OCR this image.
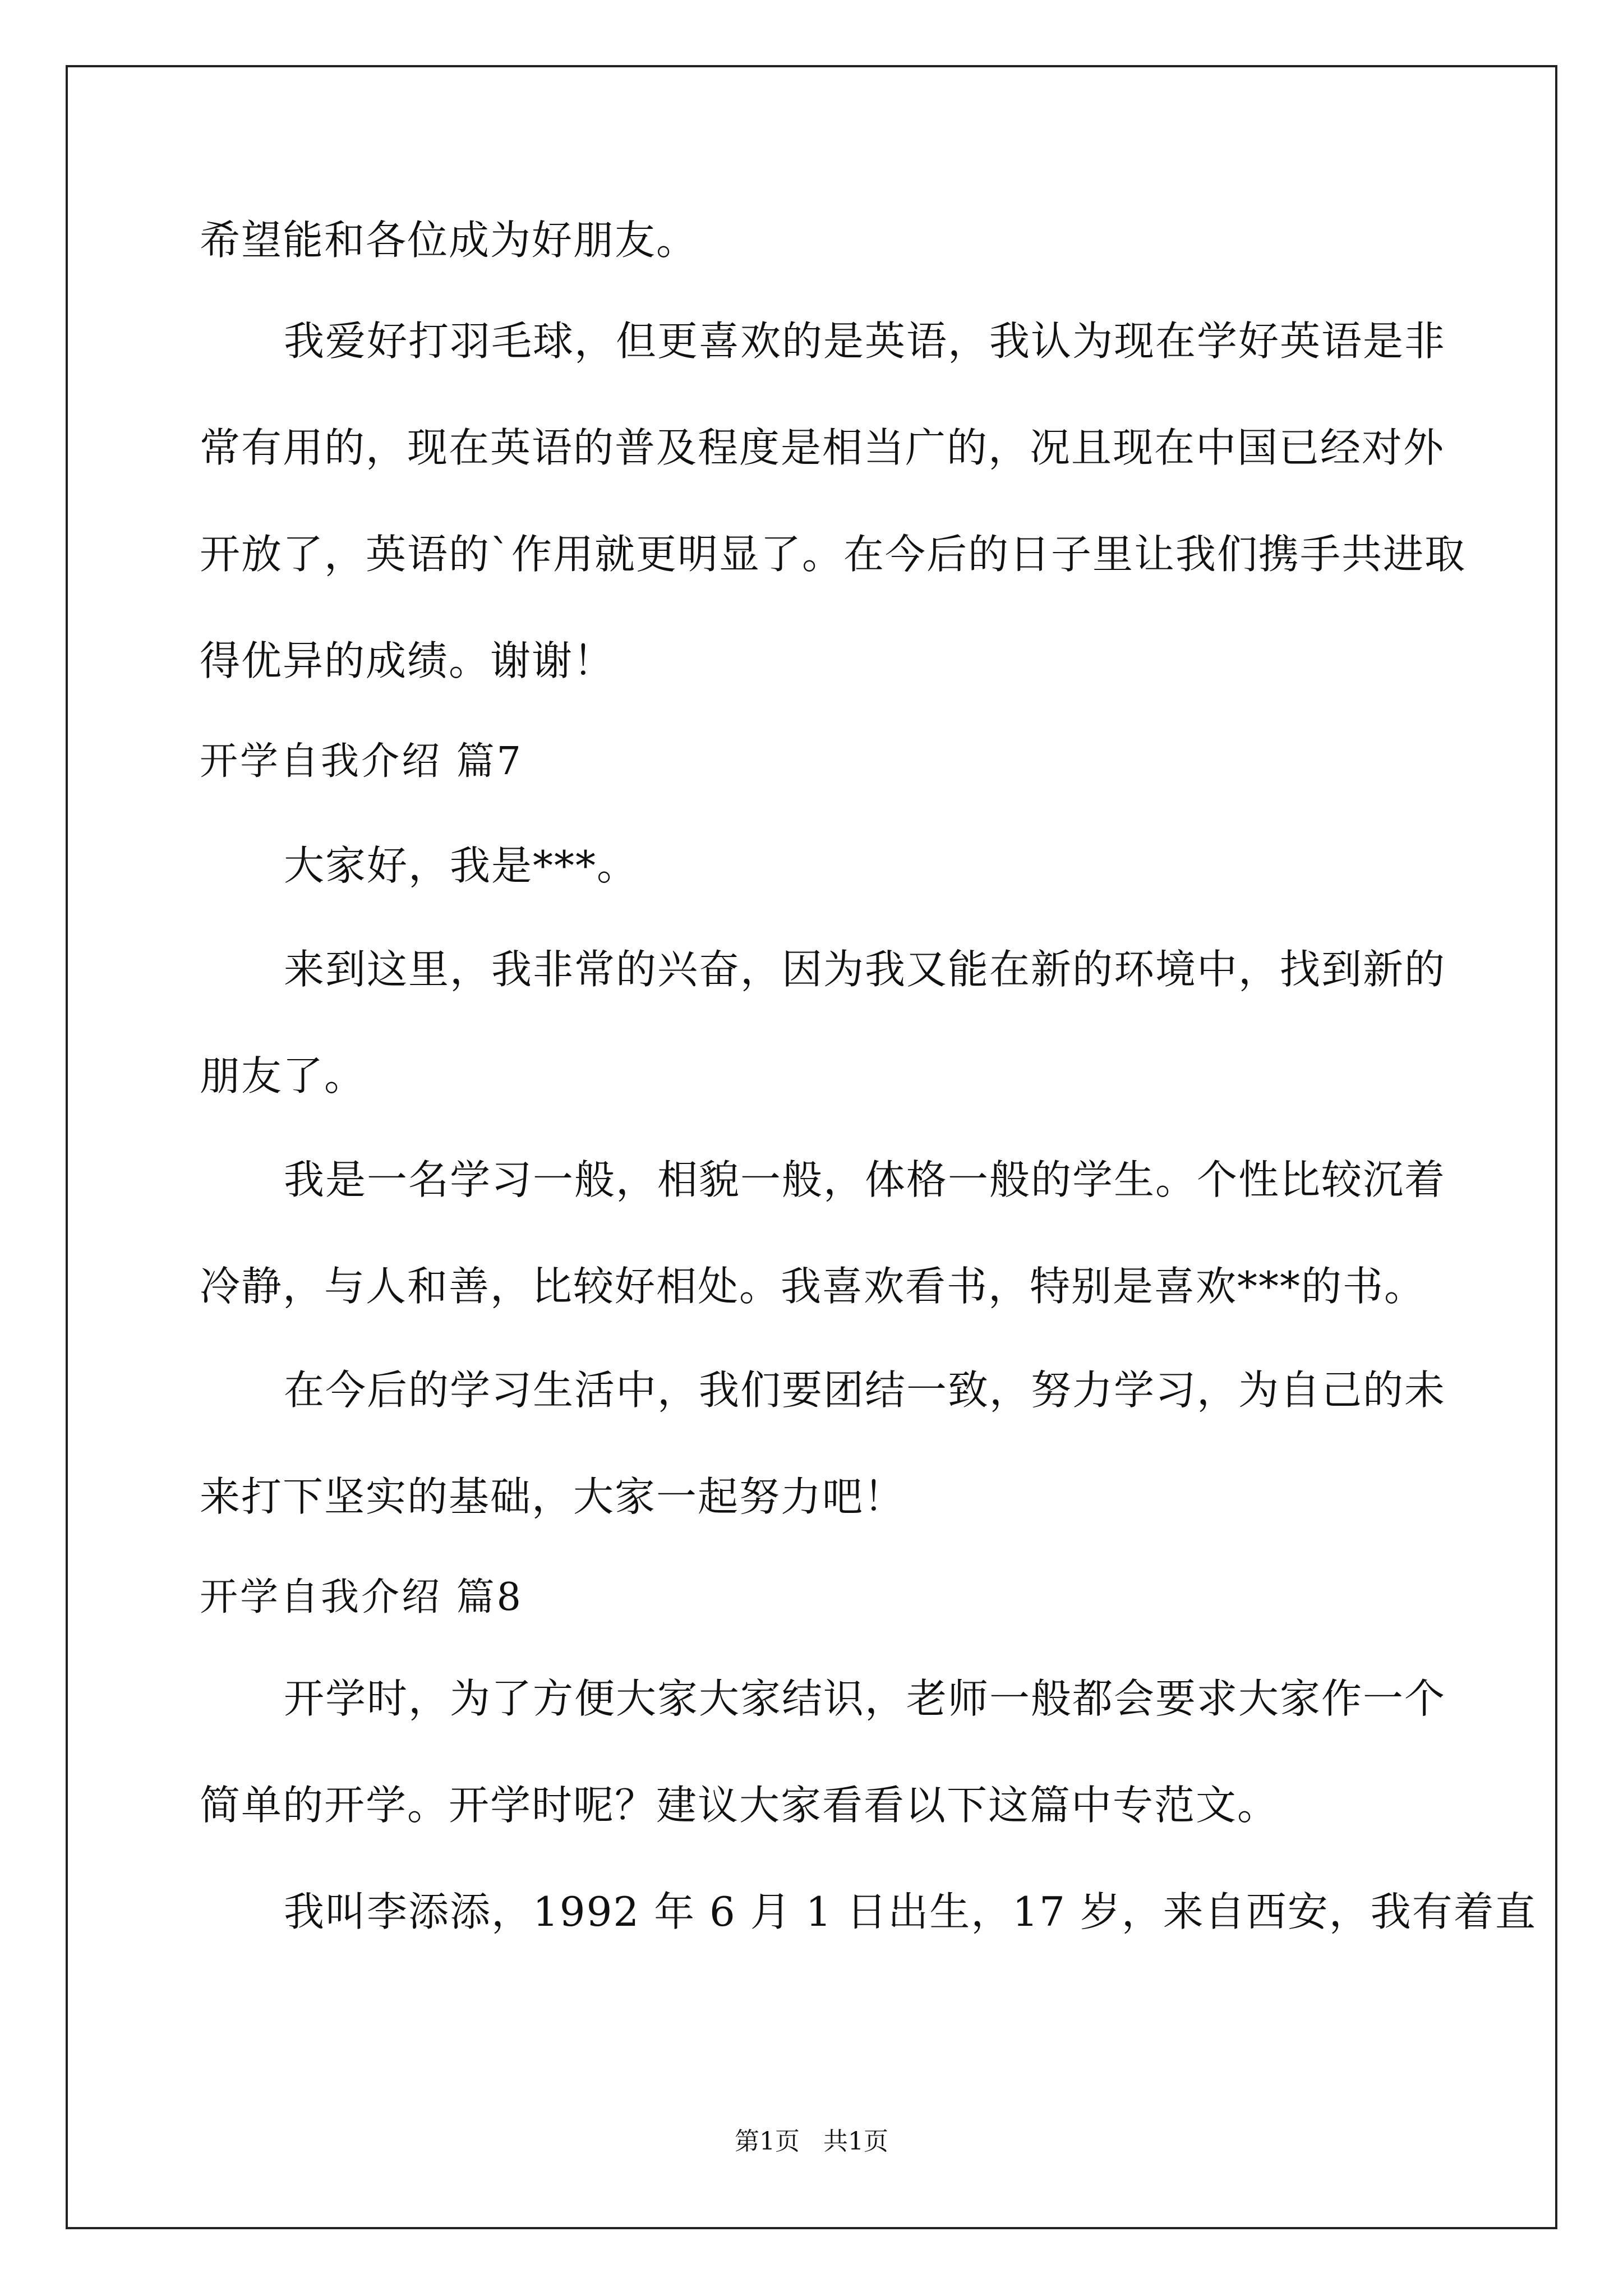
希望能和各位成为好朋友。
我爱好打羽毛球，但更喜欢的是英语，我认为现在学好英语是非
常有用的，现在英语的普及程度是相当广的，况且现在中国已经对外
开放了，英语的`作用就更明显了。在今后的日子里让我们携手共进取
得优异的成绩。谢谢！
开学自我介绍 篇7
大家好，我是***。
来到这里，我非常的兴奋，因为我又能在新的环境中，找到新的
朋友了。
我是一名学习一般，相貌一般，体格一般的学生。个性比较沉着
冷静，与人和善，比较好相处。我喜欢看书，特别是喜欢***的书。
在今后的学习生活中，我们要团结一致，努力学习，为自己的未
来打下坚实的基础，大家一起努力吧！
开学自我介绍 篇8
开学时，为了方便大家大家结识，老师一般都会要求大家作一个
简单的开学。开学时呢？建议大家看看以下这篇中专范文。
我叫李添添，1992 年 6 月 1 日出生，17 岁，来自西安，我有着直
第1页   共1页
